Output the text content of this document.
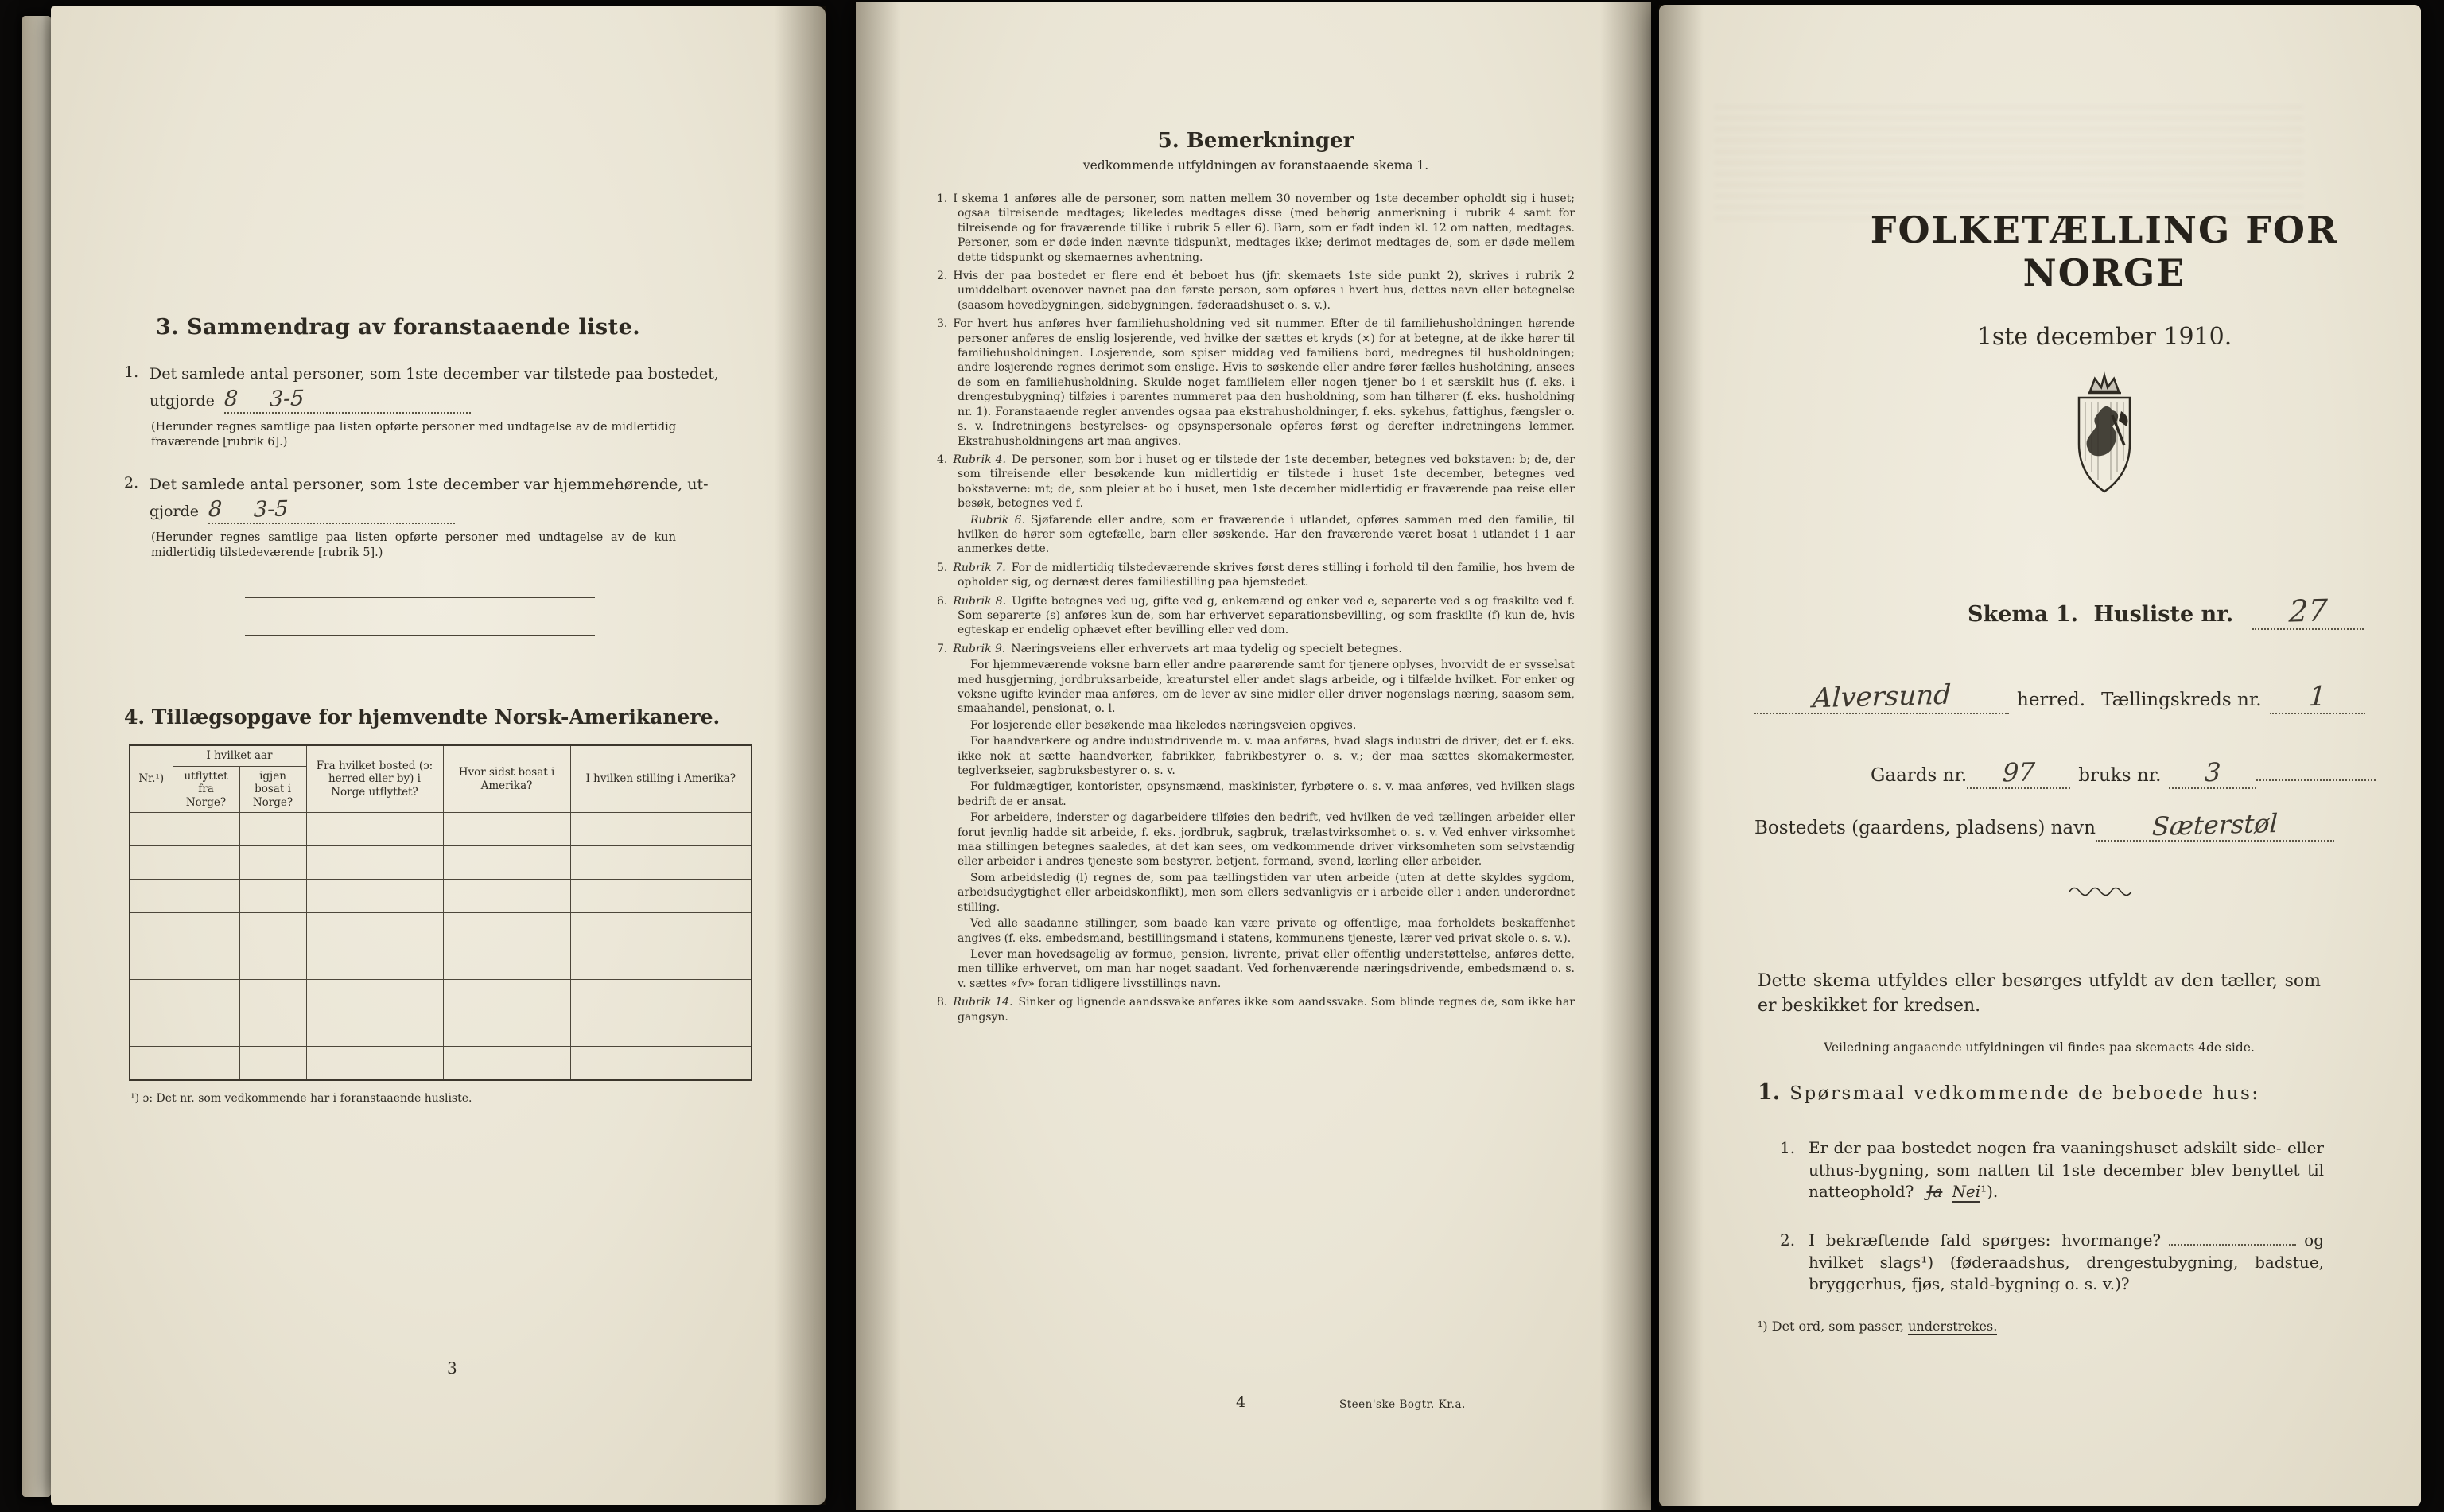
3. Sammendrag av foranstaaende liste.
1. Det samlede antal personer, som 1ste december var tilstede paa bostedet,
utgjorde 8 3-5

(Herunder regnes samtlige paa listen opførte personer med undtagelse av de midlertidig fraværende [rubrik 6].)

2. Det samlede antal personer, som 1ste december var hjemmehørende, ut-
gjorde 8 3-5

(Herunder regnes samtlige paa listen opførte personer med undtagelse av de kun midlertidig tilstedeværende [rubrik 5].)

4. Tillægsopgave for hjemvendte Norsk-Amerikanere.
Nr.¹)	I hvilket aar		Fra hvilket bosted (ɔ: herred eller by) i Norge utflyttet?	Hvor sidst bosat i Amerika?	I hvilken stilling i Amerika?
	utflyttet fra Norge?	igjen bosat i Norge?			

¹) ɔ: Det nr. som vedkommende har i foranstaaende husliste.

3
5. Bemerkninger
vedkommende utfyldningen av foranstaaende skema 1.

1. I skema 1 anføres alle de personer, som natten mellem 30 november og 1ste december opholdt sig i huset; ogsaa tilreisende medtages; likeledes medtages disse (med behørig anmerkning i rubrik 4 samt for tilreisende og for fraværende tillike i rubrik 5 eller 6). Barn, som er født inden kl. 12 om natten, medtages. Personer, som er døde inden nævnte tidspunkt, medtages ikke; derimot medtages de, som er døde mellem dette tidspunkt og skemaernes avhentning.

2. Hvis der paa bostedet er flere end ét beboet hus (jfr. skemaets 1ste side punkt 2), skrives i rubrik 2 umiddelbart ovenover navnet paa den første person, som opføres i hvert hus, dettes navn eller betegnelse (saasom hovedbygningen, sidebygningen, føderaadshuset o. s. v.).

3. For hvert hus anføres hver familiehusholdning ved sit nummer. Efter de til familiehusholdningen hørende personer anføres de enslig losjerende, ved hvilke der sættes et kryds (×) for at betegne, at de ikke hører til familiehusholdningen. Losjerende, som spiser middag ved familiens bord, medregnes til husholdningen; andre losjerende regnes derimot som enslige. Hvis to søskende eller andre fører fælles husholdning, ansees de som en familiehusholdning. Skulde noget familielem eller nogen tjener bo i et særskilt hus (f. eks. i drengestubygning) tilføies i parentes nummeret paa den husholdning, som han tilhører (f. eks. husholdning nr. 1). Foranstaaende regler anvendes ogsaa paa ekstrahusholdninger, f. eks. sykehus, fattighus, fængsler o. s. v. Indretningens bestyrelses- og opsynspersonale opføres først og derefter indretningens lemmer. Ekstrahusholdningens art maa angives.

4. Rubrik 4. De personer, som bor i huset og er tilstede der 1ste december, betegnes ved bokstaven: b; de, der som tilreisende eller besøkende kun midlertidig er tilstede i huset 1ste december, betegnes ved bokstaverne: mt; de, som pleier at bo i huset, men 1ste december midlertidig er fraværende paa reise eller besøk, betegnes ved f.

Rubrik 6. Sjøfarende eller andre, som er fraværende i utlandet, opføres sammen med den familie, til hvilken de hører som egtefælle, barn eller søskende. Har den fraværende været bosat i utlandet i 1 aar anmerkes dette.

5. Rubrik 7. For de midlertidig tilstedeværende skrives først deres stilling i forhold til den familie, hos hvem de opholder sig, og dernæst deres familiestilling paa hjemstedet.

6. Rubrik 8. Ugifte betegnes ved ug, gifte ved g, enkemænd og enker ved e, separerte ved s og fraskilte ved f. Som separerte (s) anføres kun de, som har erhvervet separationsbevilling, og som fraskilte (f) kun de, hvis egteskap er endelig ophævet efter bevilling eller ved dom.

7. Rubrik 9. Næringsveiens eller erhvervets art maa tydelig og specielt betegnes.

For hjemmeværende voksne barn eller andre paarørende samt for tjenere oplyses, hvorvidt de er sysselsat med husgjerning, jordbruksarbeide, kreaturstel eller andet slags arbeide, og i tilfælde hvilket. For enker og voksne ugifte kvinder maa anføres, om de lever av sine midler eller driver nogenslags næring, saasom søm, smaahandel, pensionat, o. l.

For losjerende eller besøkende maa likeledes næringsveien opgives.

For haandverkere og andre industridrivende m. v. maa anføres, hvad slags industri de driver; det er f. eks. ikke nok at sætte haandverker, fabrikker, fabrikbestyrer o. s. v.; der maa sættes skomakermester, teglverkseier, sagbruksbestyrer o. s. v.

For fuldmægtiger, kontorister, opsynsmænd, maskinister, fyrbøtere o. s. v. maa anføres, ved hvilken slags bedrift de er ansat.

For arbeidere, inderster og dagarbeidere tilføies den bedrift, ved hvilken de ved tællingen arbeider eller forut jevnlig hadde sit arbeide, f. eks. jordbruk, sagbruk, trælastvirksomhet o. s. v. Ved enhver virksomhet maa stillingen betegnes saaledes, at det kan sees, om vedkommende driver virksomheten som selvstændig eller arbeider i andres tjeneste som bestyrer, betjent, formand, svend, lærling eller arbeider.

Som arbeidsledig (l) regnes de, som paa tællingstiden var uten arbeide (uten at dette skyldes sygdom, arbeidsudygtighet eller arbeidskonflikt), men som ellers sedvanligvis er i arbeide eller i anden underordnet stilling.

Ved alle saadanne stillinger, som baade kan være private og offentlige, maa forholdets beskaffenhet angives (f. eks. embedsmand, bestillingsmand i statens, kommunens tjeneste, lærer ved privat skole o. s. v.).

Lever man hovedsagelig av formue, pension, livrente, privat eller offentlig understøttelse, anføres dette, men tillike erhvervet, om man har noget saadant. Ved forhenværende næringsdrivende, embedsmænd o. s. v. sættes «fv» foran tidligere livsstillings navn.

8. Rubrik 14. Sinker og lignende aandssvake anføres ikke som aandssvake. Som blinde regnes de, som ikke har gangsyn.

4	Steen'ske Bogtr. Kr.a.
FOLKETÆLLING FOR NORGE
1ste december 1910.
Skema 1. Husliste nr. 27
Alversund	herred. Tællingskreds nr. 1
Gaards nr. 97 bruks nr. 3
Bostedets (gaardens, pladsens) navn Sæterstøl

Dette skema utfyldes eller besørges utfyldt av den tæller, som er beskikket for kredsen.

Veiledning angaaende utfyldningen vil findes paa skemaets 4de side.

1. Spørsmaal vedkommende de beboede hus:
1. Er der paa bostedet nogen fra vaaningshuset adskilt side- eller uthus-bygning, som natten til 1ste december blev benyttet til natteophold? Ja Nei¹).
2. I bekræftende fald spørges: hvormange?	og hvilket slags¹) (føderaadshus, drengestubygning, badstue, bryggerhus, fjøs, stald-bygning o. s. v.)?

¹) Det ord, som passer, understrekes.
